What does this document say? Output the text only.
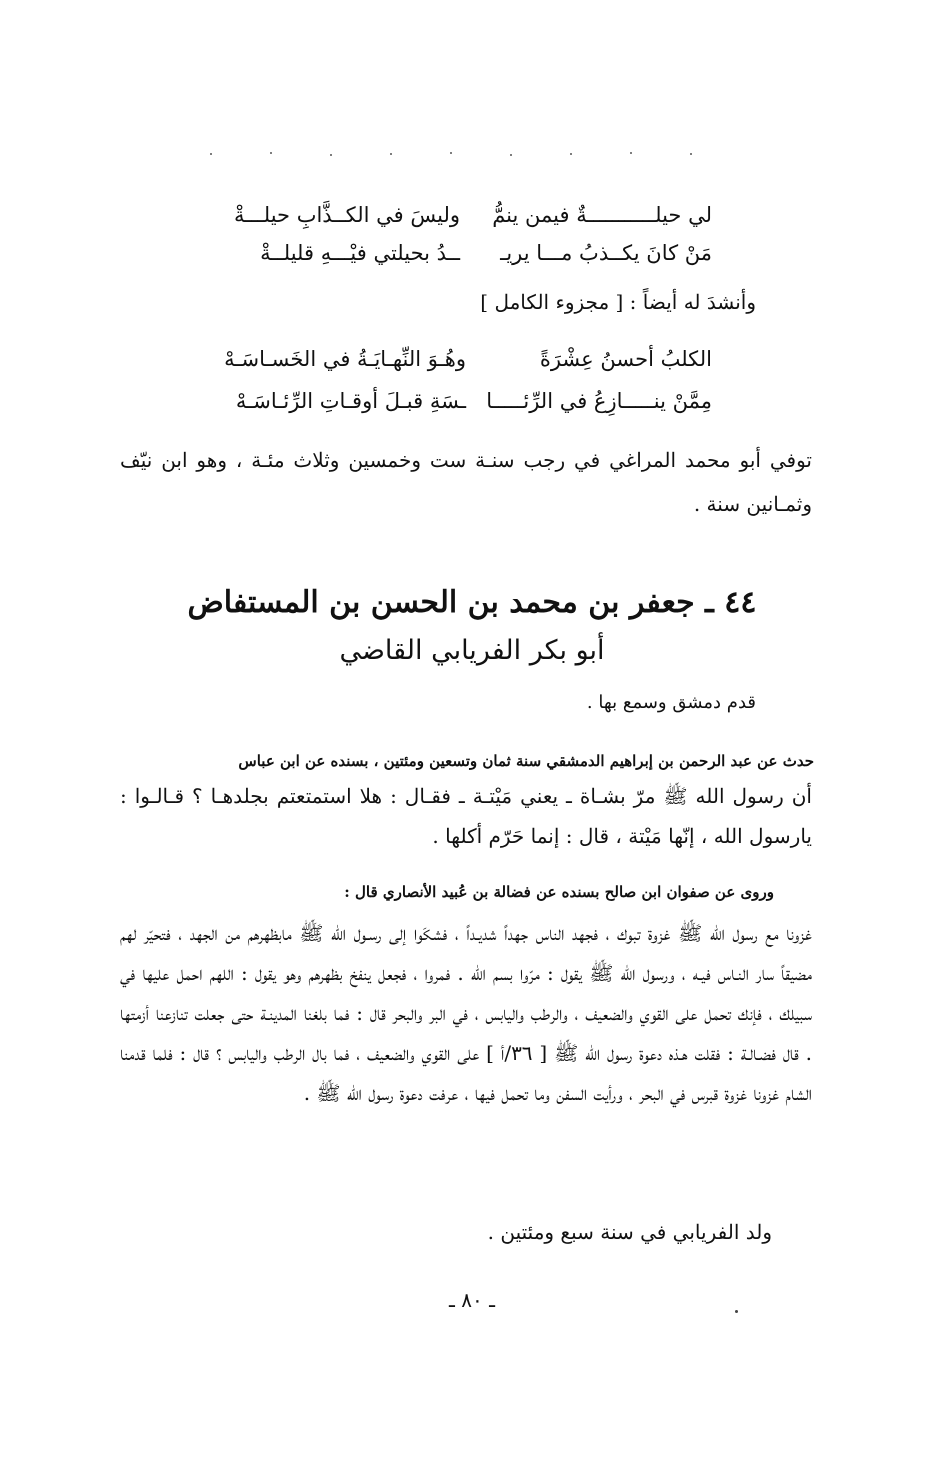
لي حيلـــــــــــةٌ فيمن ينمُّ
وليسَ في الكــذَّابِ حيلـــةْ
مَنْ كانَ يكــذبُ مـــا يريـ
ــدُ بحيلتي فيْـــهِ قليلــةْ
وأنشدَ له أيضاً : [ مجزوء الكامل ]
الكلبُ أحسنُ عِشْرَةً
وهُـوَ النِّهـايَـةُ في الخَسـاسَـهْ
مِمَّنْ ينـــــازِعُ في الرِّئـــــا
ـسَةِ قبـلَ أوقـاتِ الرِّئـاسَـهْ
توفي أبو محمد المراغي في رجب سنـة ست وخمسين وثلاث مئـة ، وهو ابن نيّف وثمـانين سنة .
٤٤ ـ جعفر بن محمد بن الحسن بن المستفاض
أبو بكر الفريابي القاضي
قدم دمشق وسمع بها .
حدث عن عبد الرحمن بن إبراهيم الدمشقي سنة ثمان وتسعين ومئتين ، بسنده عن ابن عباس
أن رسول الله ﷺ مرّ بشـاة ـ يعني مَيْتـة ـ فقـال : هلا استمتعتم بجلدهـا ؟ قـالـوا : يارسول الله ، إنّها مَيْتة ، قال : إنما حَرّم أكلها .
وروى عن صفوان ابن صالح بسنده عن فضالة بن عُبيد الأنصاري قال :
غزونا مع رسول الله ﷺ غزوة تبوك ، فجهد الناس جهداً شديـداً ، فشكَوا إلى رسـول الله ﷺ مابظهرهم من الجهد ، فتحيّر لهم مضيقاً سار النـاس فيـه ، ورسول الله ﷺ يقول : مرّوا بسم الله . فمروا ، فجعل ينفخ بظهرهم وهو يقول : اللهم احمل عليها في سبيلك ، فإنك تحمل على القوي والضعيف ، والرطب واليابس ، في البر والبحر قال : فما بلغنا المدينـة حتى جعلت تنازعنا أزمتها . قال فضـالـة : فقلت هـذه دعوة رسول الله ﷺ [ ٣٦/أ ] على القوي والضعيف ، فما بال الرطب واليابس ؟ قال : فلما قدمنا الشام غزونا غزوة قبرس في البحر ، ورأيت السفن وما تحمل فيها ، عرفت دعوة رسول الله ﷺ .
ولد الفريابي في سنة سبع ومئتين .
ـ ٨٠ ـ
